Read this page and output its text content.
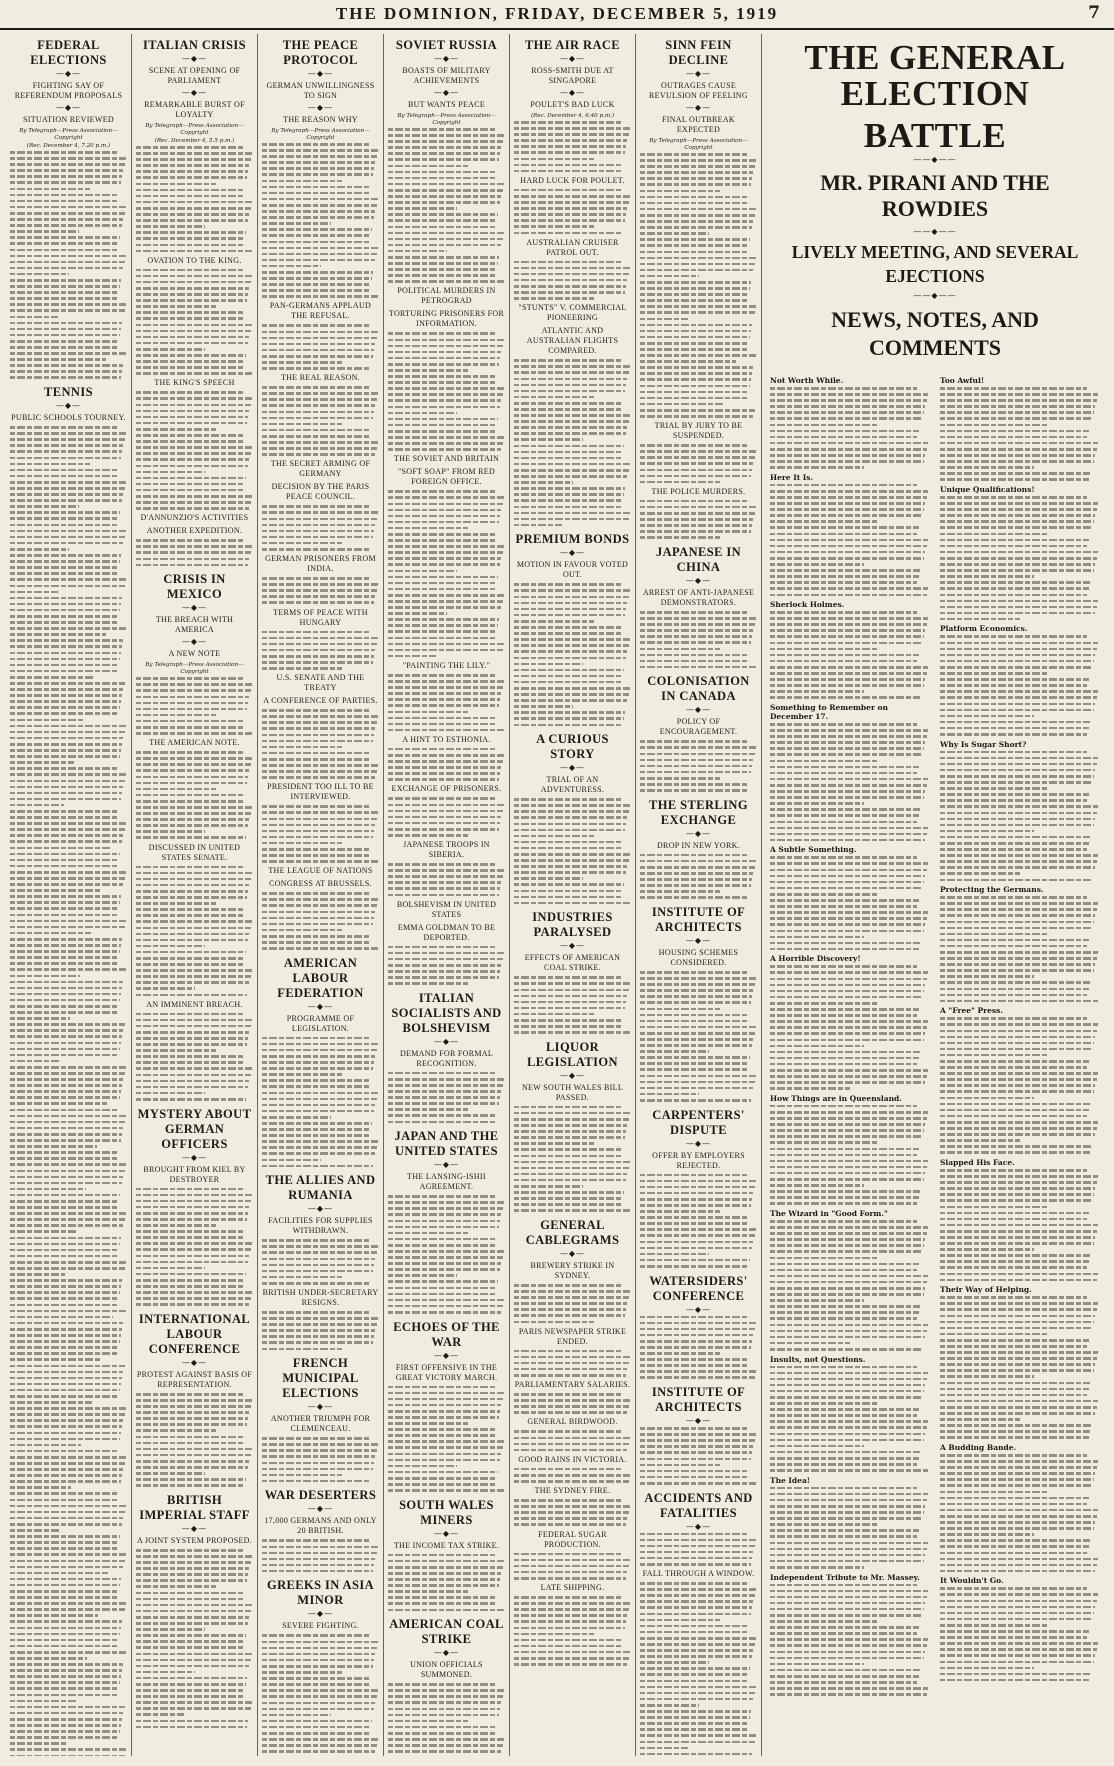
THE DOMINION, FRIDAY, DECEMBER 5, 1919	7
FEDERAL ELECTIONS
—◆—
FIGHTING SAY OF REFERENDUM PROPOSALS
—◆—
SITUATION REVIEWED
By Telegraph—Press Association—Copyright
(Rec. December 4, 7.20 p.m.)
TENNIS
—◆—
PUBLIC SCHOOLS TOURNEY.
ITALIAN CRISIS
—◆—
SCENE AT OPENING OF PARLIAMENT
—◆—
REMARKABLE BURST OF LOYALTY
By Telegraph—Press Association—Copyright
(Rec. December 4, 5.5 p.m.)
OVATION TO THE KING.
THE KING'S SPEECH
D'ANNUNZIO'S ACTIVITIES
ANOTHER EXPEDITION.
CRISIS IN MEXICO
—◆—
THE BREACH WITH AMERICA
—◆—
A NEW NOTE
By Telegraph—Press Association—Copyright
THE AMERICAN NOTE.
DISCUSSED IN UNITED STATES SENATE.
AN IMMINENT BREACH.
MYSTERY ABOUT GERMAN OFFICERS
—◆—
BROUGHT FROM KIEL BY DESTROYER
INTERNATIONAL LABOUR CONFERENCE
—◆—
PROTEST AGAINST BASIS OF REPRESENTATION.
BRITISH IMPERIAL STAFF
—◆—
A JOINT SYSTEM PROPOSED.
THE PEACE PROTOCOL
—◆—
GERMAN UNWILLINGNESS TO SIGN
—◆—
THE REASON WHY
By Telegraph—Press Association—Copyright
PAN-GERMANS APPLAUD THE REFUSAL.
THE REAL REASON.
THE SECRET ARMING OF GERMANY
DECISION BY THE PARIS PEACE COUNCIL.
GERMAN PRISONERS FROM INDIA.
TERMS OF PEACE WITH HUNGARY
U.S. SENATE AND THE TREATY
A CONFERENCE OF PARTIES.
PRESIDENT TOO ILL TO BE INTERVIEWED.
THE LEAGUE OF NATIONS
CONGRESS AT BRUSSELS.
AMERICAN LABOUR FEDERATION
—◆—
PROGRAMME OF LEGISLATION.
THE ALLIES AND RUMANIA
—◆—
FACILITIES FOR SUPPLIES WITHDRAWN.
BRITISH UNDER-SECRETARY RESIGNS.
FRENCH MUNICIPAL ELECTIONS
—◆—
ANOTHER TRIUMPH FOR CLEMENCEAU.
WAR DESERTERS
—◆—
17,000 GERMANS AND ONLY 20 BRITISH.
GREEKS IN ASIA MINOR
—◆—
SEVERE FIGHTING.
SOVIET RUSSIA
—◆—
BOASTS OF MILITARY ACHIEVEMENTS
—◆—
BUT WANTS PEACE
By Telegraph—Press Association—Copyright
POLITICAL MURDERS IN PETROGRAD
TORTURING PRISONERS FOR INFORMATION.
THE SOVIET AND BRITAIN
"SOFT SOAP" FROM RED FOREIGN OFFICE.
"PAINTING THE LILY."
A HINT TO ESTHONIA.
EXCHANGE OF PRISONERS.
JAPANESE TROOPS IN SIBERIA.
BOLSHEVISM IN UNITED STATES
EMMA GOLDMAN TO BE DEPORTED.
ITALIAN SOCIALISTS AND BOLSHEVISM
—◆—
DEMAND FOR FORMAL RECOGNITION.
JAPAN AND THE UNITED STATES
—◆—
THE LANSING-ISHII AGREEMENT.
ECHOES OF THE WAR
—◆—
FIRST OFFENSIVE IN THE GREAT VICTORY MARCH.
SOUTH WALES MINERS
—◆—
THE INCOME TAX STRIKE.
AMERICAN COAL STRIKE
—◆—
UNION OFFICIALS SUMMONED.
THE AIR RACE
—◆—
ROSS-SMITH DUE AT SINGAPORE
—◆—
POULET'S BAD LUCK
(Rec. December 4, 6.40 p.m.)
HARD LUCK FOR POULET.
AUSTRALIAN CRUISER PATROL OUT.
"STUNTS" V. COMMERCIAL PIONEERING
ATLANTIC AND AUSTRALIAN FLIGHTS COMPARED.
PREMIUM BONDS
—◆—
MOTION IN FAVOUR VOTED OUT.
A CURIOUS STORY
—◆—
TRIAL OF AN ADVENTURESS.
INDUSTRIES PARALYSED
—◆—
EFFECTS OF AMERICAN COAL STRIKE.
LIQUOR LEGISLATION
—◆—
NEW SOUTH WALES BILL PASSED.
GENERAL CABLEGRAMS
—◆—
BREWERY STRIKE IN SYDNEY.
PARIS NEWSPAPER STRIKE ENDED.
PARLIAMENTARY SALARIES.
GENERAL BIRDWOOD.
GOOD RAINS IN VICTORIA.
THE SYDNEY FIRE.
FEDERAL SUGAR PRODUCTION.
LATE SHIPPING.
SINN FEIN DECLINE
—◆—
OUTRAGES CAUSE REVULSION OF FEELING
—◆—
FINAL OUTBREAK EXPECTED
By Telegraph—Press Association—Copyright
TRIAL BY JURY TO BE SUSPENDED.
THE POLICE MURDERS.
JAPANESE IN CHINA
—◆—
ARREST OF ANTI-JAPANESE DEMONSTRATORS.
COLONISATION IN CANADA
—◆—
POLICY OF ENCOURAGEMENT.
THE STERLING EXCHANGE
—◆—
DROP IN NEW YORK.
INSTITUTE OF ARCHITECTS
—◆—
HOUSING SCHEMES CONSIDERED.
CARPENTERS' DISPUTE
—◆—
OFFER BY EMPLOYERS REJECTED.
WATERSIDERS' CONFERENCE
—◆—
INSTITUTE OF ARCHITECTS
—◆—
ACCIDENTS AND FATALITIES
—◆—
FALL THROUGH A WINDOW.
THE GENERAL ELECTION
BATTLE
——◆——
MR. PIRANI AND THE ROWDIES
——◆——
LIVELY MEETING, AND SEVERAL EJECTIONS
——◆——
NEWS, NOTES, AND COMMENTS
Not Worth While.
Here It Is.
Sherlock Holmes.
Something to Remember on December 17.
A Subtle Something.
A Horrible Discovery!
How Things are in Queensland.
The Wizard in "Good Form."
Insults, not Questions.
The Idea!
Independent Tribute to Mr. Massey.
Too Awful!
Unique Qualifications!
Platform Economics.
Why Is Sugar Short?
Protecting the Germans.
A "Free" Press.
Slapped His Face.
Their Way of Helping.
A Budding Bande.
It Wouldn't Go.
